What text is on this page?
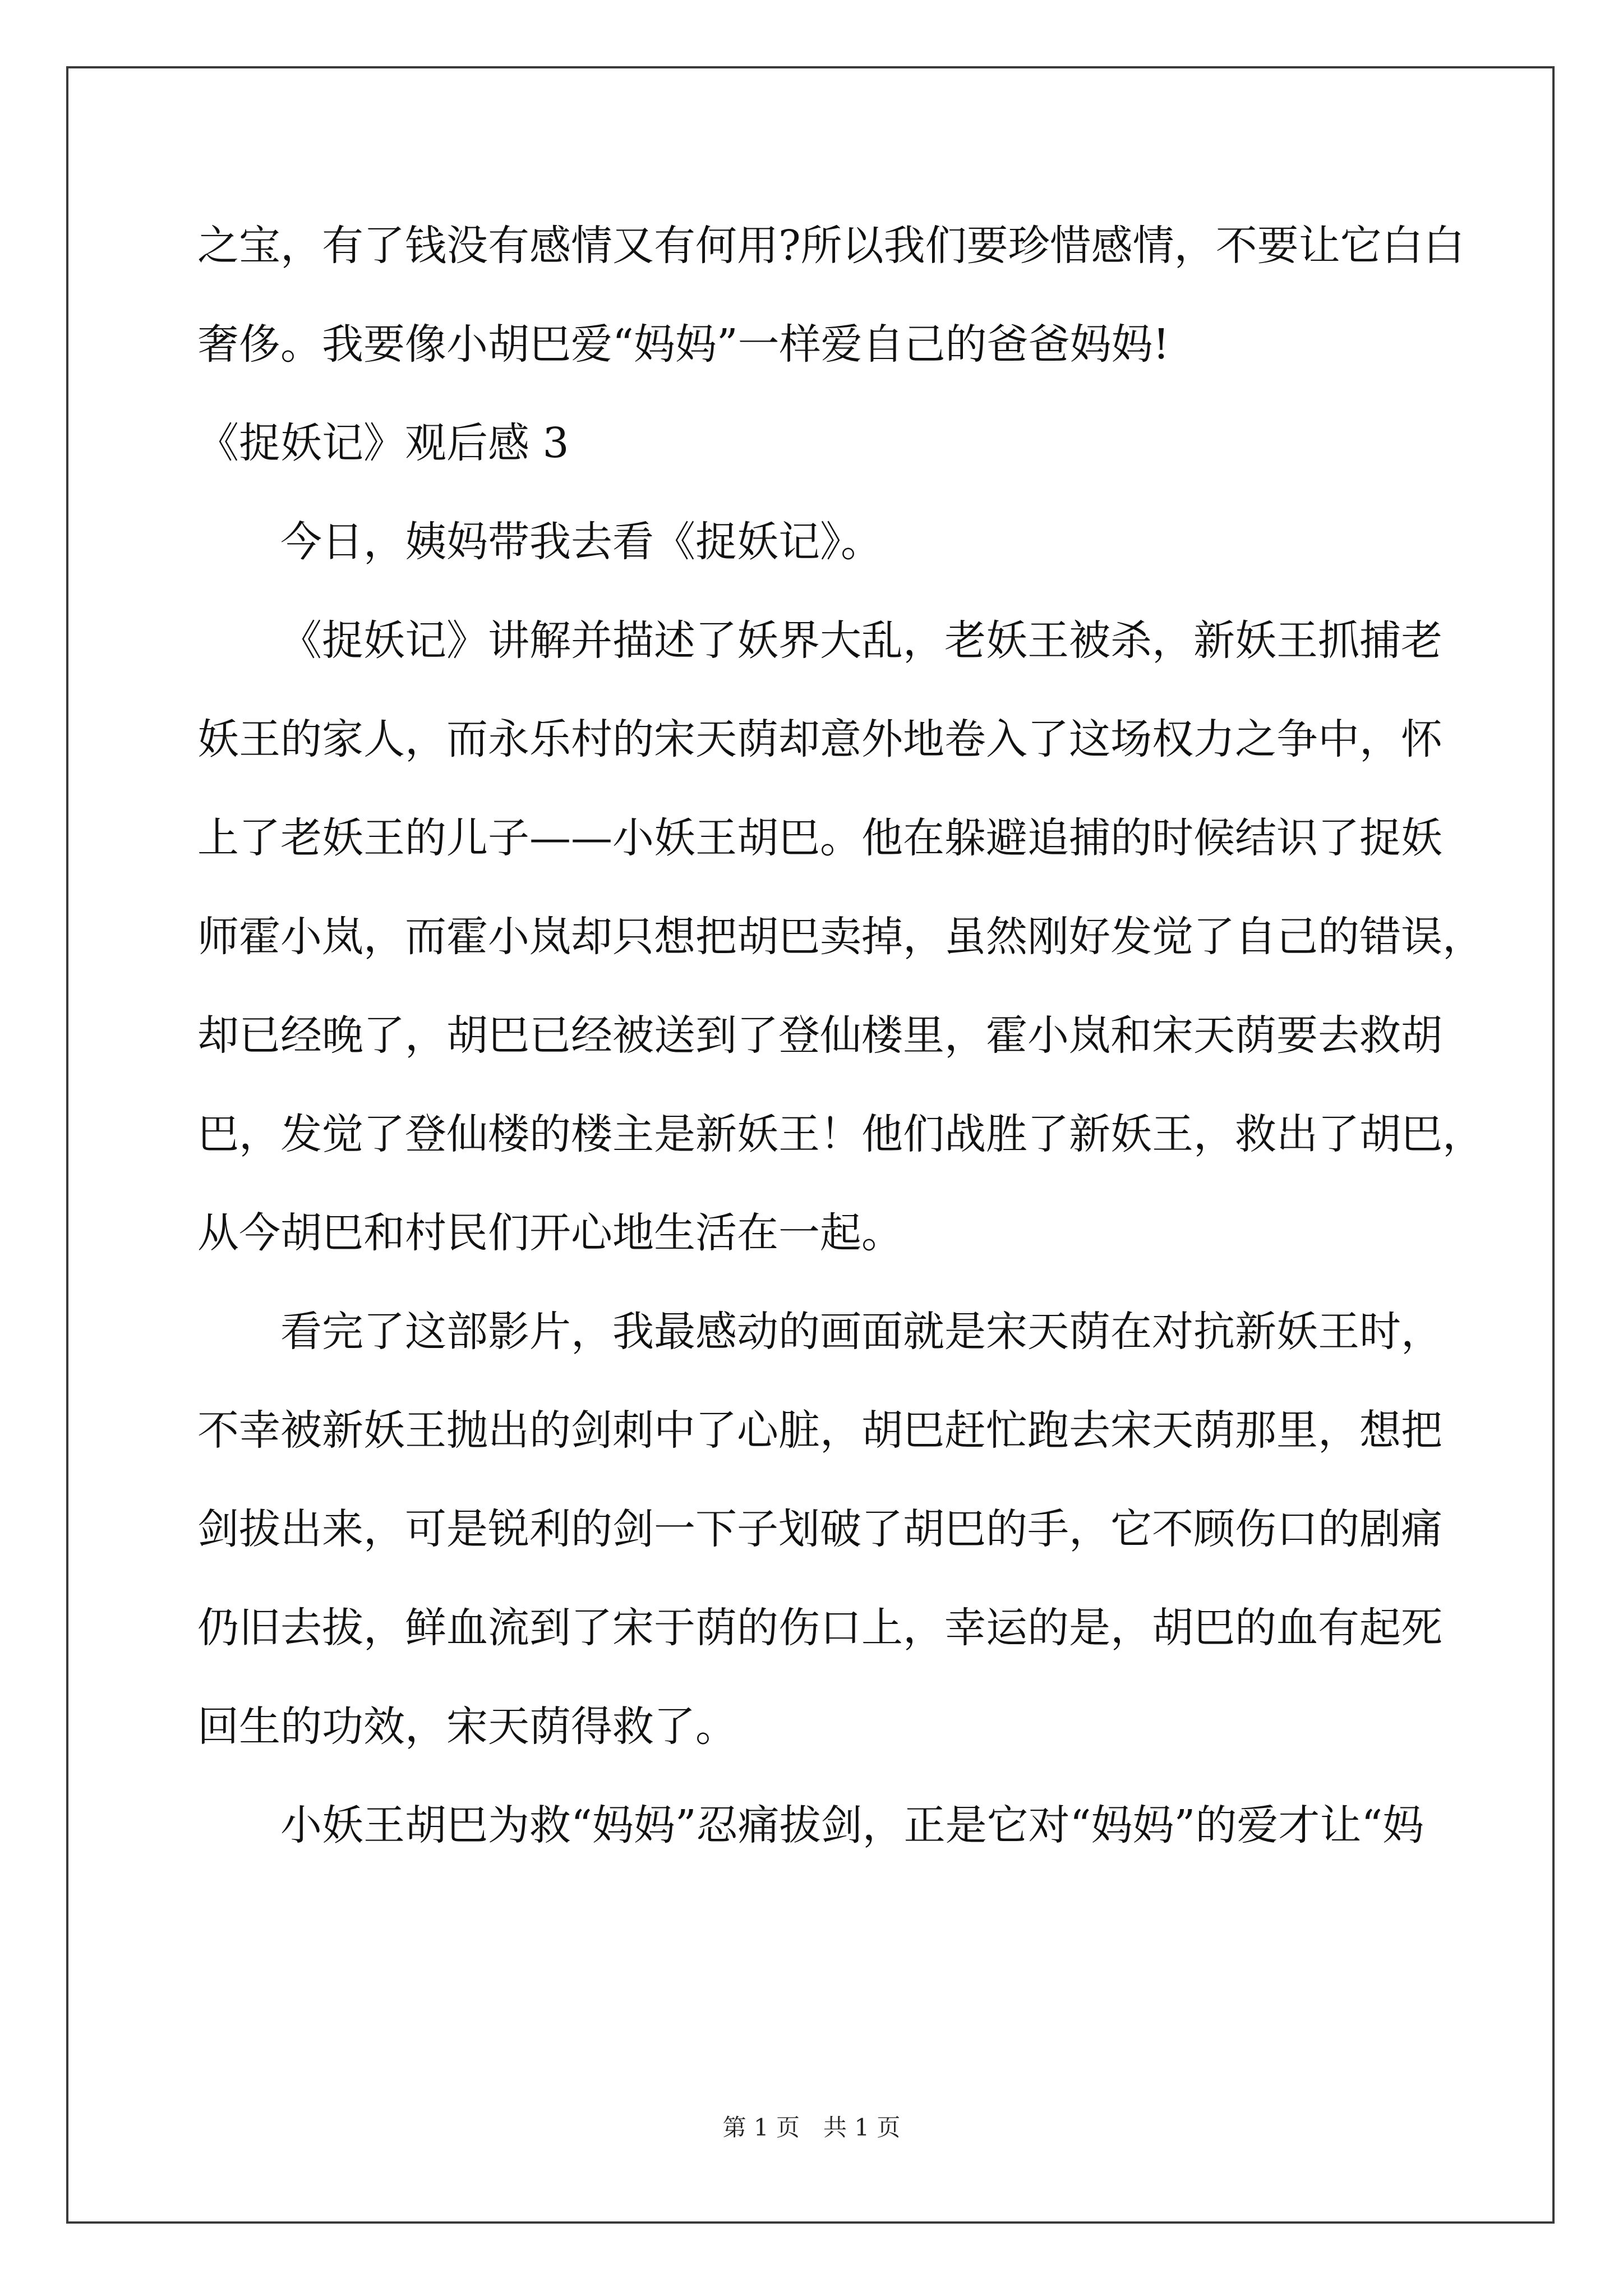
之宝，有了钱没有感情又有何用?所以我们要珍惜感情，不要让它白白
奢侈。我要像小胡巴爱“妈妈”一样爱自己的爸爸妈妈!
《捉妖记》观后感 3
今日，姨妈带我去看《捉妖记》。
《捉妖记》讲解并描述了妖界大乱，老妖王被杀，新妖王抓捕老
妖王的家人，而永乐村的宋天荫却意外地卷入了这场权力之争中，怀
上了老妖王的儿子——小妖王胡巴。他在躲避追捕的时候结识了捉妖
师霍小岚，而霍小岚却只想把胡巴卖掉，虽然刚好发觉了自己的错误，
却已经晚了，胡巴已经被送到了登仙楼里，霍小岚和宋天荫要去救胡
巴，发觉了登仙楼的楼主是新妖王！他们战胜了新妖王，救出了胡巴，
从今胡巴和村民们开心地生活在一起。
看完了这部影片，我最感动的画面就是宋天荫在对抗新妖王时，
不幸被新妖王抛出的剑刺中了心脏，胡巴赶忙跑去宋天荫那里，想把
剑拔出来，可是锐利的剑一下子划破了胡巴的手，它不顾伤口的剧痛
仍旧去拔，鲜血流到了宋于荫的伤口上，幸运的是，胡巴的血有起死
回生的功效，宋天荫得救了。
小妖王胡巴为救“妈妈”忍痛拔剑，正是它对“妈妈”的爱才让“妈
第 1 页　共 1 页
